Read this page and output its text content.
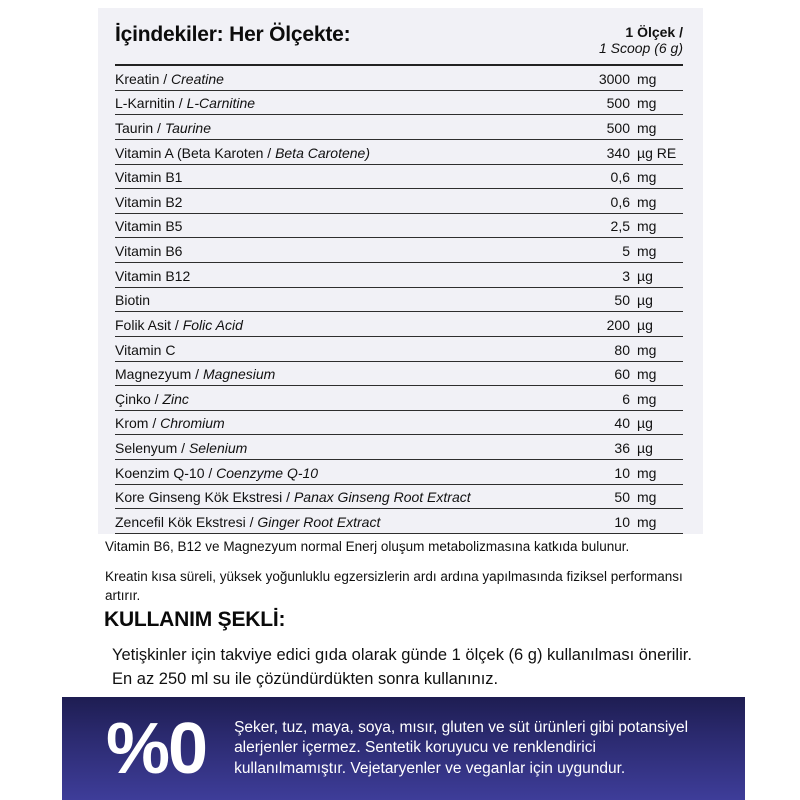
İçindekiler: Her Ölçekte:	1 Ölçek /
1 Scoop (6 g)
Kreatin / Creatine	3000 mg
L-Karnitin / L-Carnitine	500 mg
Taurin / Taurine	500 mg
Vitamin A (Beta Karoten / Beta Carotene)	340 µg RE
Vitamin B1	0,6 mg
Vitamin B2	0,6 mg
Vitamin B5	2,5 mg
Vitamin B6	5 mg
Vitamin B12	3 µg
Biotin	50 µg
Folik Asit / Folic Acid	200 µg
Vitamin C	80 mg
Magnezyum / Magnesium	60 mg
Çinko / Zinc	6 mg
Krom / Chromium	40 µg
Selenyum / Selenium	36 µg
Koenzim Q-10 / Coenzyme Q-10	10 mg
Kore Ginseng Kök Ekstresi / Panax Ginseng Root Extract	50 mg
Zencefil Kök Ekstresi / Ginger Root Extract	10 mg
Vitamin B6, B12 ve Magnezyum normal Enerj oluşum metabolizmasına katkıda bulunur.
Kreatin kısa süreli, yüksek yoğunluklu egzersizlerin ardı ardına yapılmasında fiziksel performansı artırır.
KULLANIM ŞEKLİ:
Yetişkinler için takviye edici gıda olarak günde 1 ölçek (6 g) kullanılması önerilir. En az 250 ml su ile çözündürdükten sonra kullanınız.
%0 Şeker, tuz, maya, soya, mısır, gluten ve süt ürünleri gibi potansiyel alerjenler içermez. Sentetik koruyucu ve renklendirici kullanılmamıştır. Vejetaryenler ve veganlar için uygundur.
